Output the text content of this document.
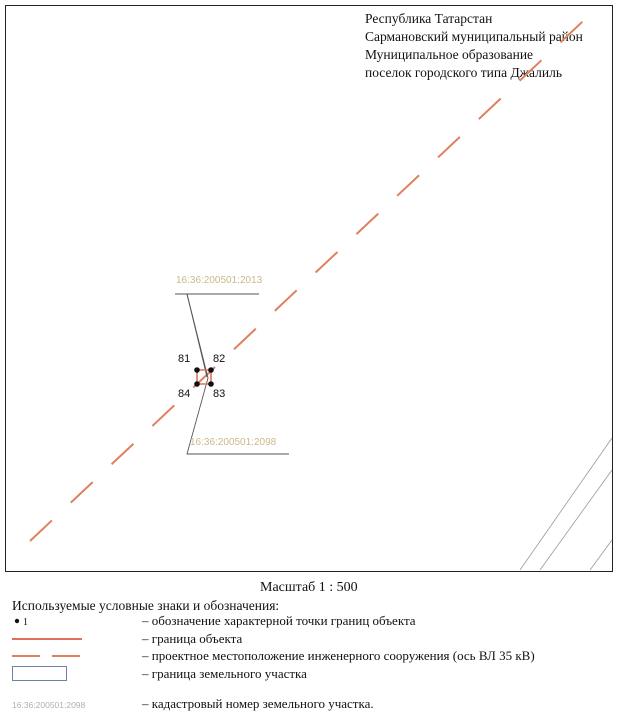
Республика Татарстан
Сармановский муниципальный район
Муниципальное образование
поселок городского типа Джалиль
16:36:200501:2013
16:36:200501:2098
81 82
83
84
Масштаб 1 : 500
Используемые условные знаки и обозначения:
1	– обозначение характерной точки границ объекта
– граница объекта
– проектное местоположение инженерного сооружения (ось ВЛ 35 кВ)
– граница земельного участка
16:36:200501:2098	– кадастровый номер земельного участка.
